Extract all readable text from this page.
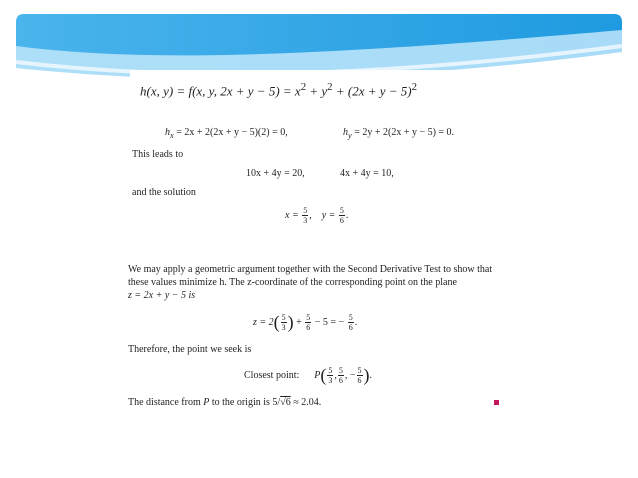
h(x, y) = f(x, y, $2x + y - 5) = x^2 + y^2 + (2x + y - 5)^2$
$h_x = 2x + 2(2x + y - 5)(2) = 0$,	$h_y = 2y + 2(2x + y - 5) = 0$.
This leads to
10x + 4y = 20,	4x + 4y = 10,
and the solution
$x = \frac{5}{3}$ , $y = \frac{5}{6}$ .
We may apply a geometric argument together with the Second Derivative Test to show that
these values minimize h. The z-coordinate of the corresponding point on the plane
z = 2x + y − 5 is
$z = 2( \frac{5}{3}$ ) + $\frac{5}{6} - 5$ = − $\frac{5}{6}$ .
Therefore, the point we seek is
Closest point: $P( \frac{5}{3}$ , $\frac{5}{6}$ , − $\frac{5}{6}$ ).
The distance from P to the origin is 5/√6 ≈ 2.04.
